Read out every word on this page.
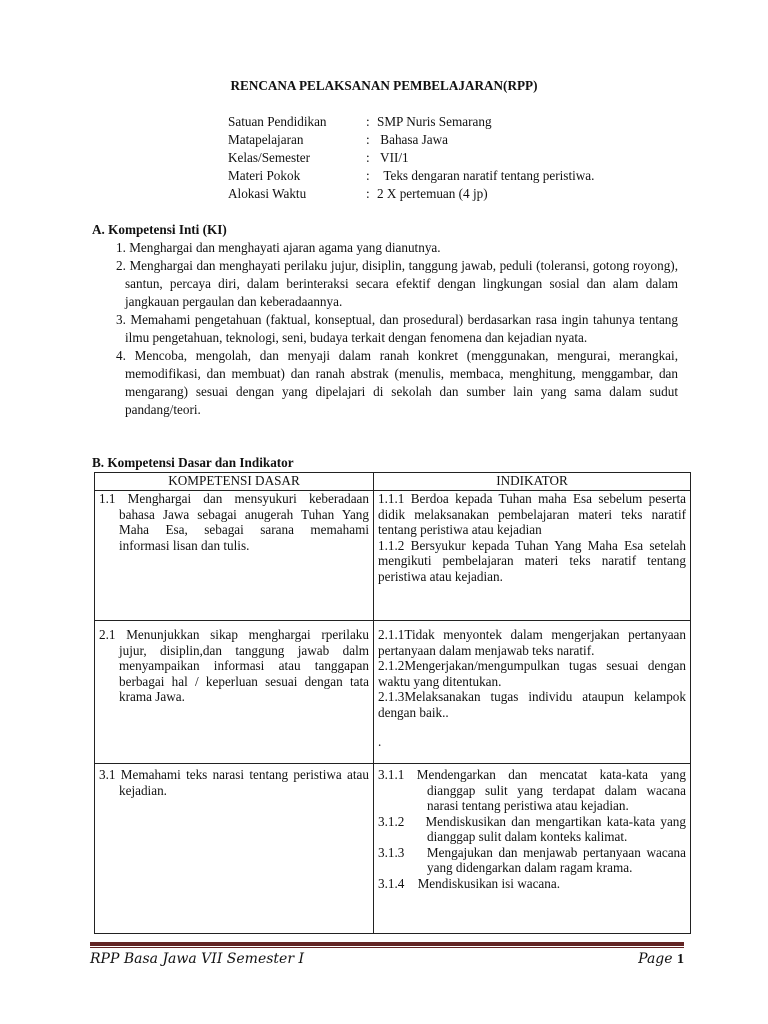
RENCANA PELAKSANAN PEMBELAJARAN(RPP)
Satuan Pendidikan	: SMP Nuris Semarang
Matapelajaran	: Bahasa Jawa
Kelas/Semester	: VII/1
Materi Pokok	: Teks dengaran naratif tentang peristiwa.
Alokasi Waktu	: 2 X pertemuan (4 jp)
A. Kompetensi Inti (KI)
1. Menghargai dan menghayati ajaran agama yang dianutnya.
2. Menghargai dan menghayati perilaku jujur, disiplin, tanggung jawab, peduli (toleransi, gotong royong), santun, percaya diri, dalam berinteraksi secara efektif dengan lingkungan sosial dan alam dalam jangkauan pergaulan dan keberadaannya.
3. Memahami pengetahuan (faktual, konseptual, dan prosedural) berdasarkan rasa ingin tahunya tentang ilmu pengetahuan, teknologi, seni, budaya terkait dengan fenomena dan kejadian nyata.
4. Mencoba, mengolah, dan menyaji dalam ranah konkret (menggunakan, mengurai, merangkai, memodifikasi, dan membuat) dan ranah abstrak (menulis, membaca, menghitung, menggambar, dan mengarang) sesuai dengan yang dipelajari di sekolah dan sumber lain yang sama dalam sudut pandang/teori.
B. Kompetensi Dasar dan Indikator
KOMPETENSI DASAR	INDIKATOR

1.1 Menghargai dan mensyukuri keberadaan bahasa Jawa sebagai anugerah Tuhan Yang Maha Esa, sebagai sarana memahami informasi lisan dan tulis.	1.1.1 Berdoa kepada Tuhan maha Esa sebelum peserta didik melaksanakan pembelajaran materi teks naratif tentang peristiwa atau kejadian
1.1.2 Bersyukur kepada Tuhan Yang Maha Esa setelah mengikuti pembelajaran materi teks naratif tentang peristiwa atau kejadian.

2.1 Menunjukkan sikap menghargai rperilaku jujur, disiplin,dan tanggung jawab dalm menyampaikan informasi atau tanggapan berbagai hal / keperluan sesuai dengan tata krama Jawa.	2.1.1Tidak menyontek dalam mengerjakan pertanyaan pertanyaan dalam menjawab teks naratif.
2.1.2Mengerjakan/mengumpulkan tugas sesuai dengan waktu yang ditentukan.
2.1.3Melaksanakan tugas individu ataupun kelampok dengan baik..
.

3.1 Memahami teks narasi tentang peristiwa atau kejadian.	3.1.1 Mendengarkan dan mencatat kata-kata yang dianggap sulit yang terdapat dalam wacana narasi tentang peristiwa atau kejadian.
3.1.2    Mendiskusikan dan mengartikan kata-kata yang dianggap sulit dalam konteks kalimat.
3.1.3    Mengajukan dan menjawab pertanyaan wacana yang didengarkan dalam ragam krama.
3.1.4    Mendiskusikan isi wacana.
RPP Basa Jawa VII Semester I	Page 1
